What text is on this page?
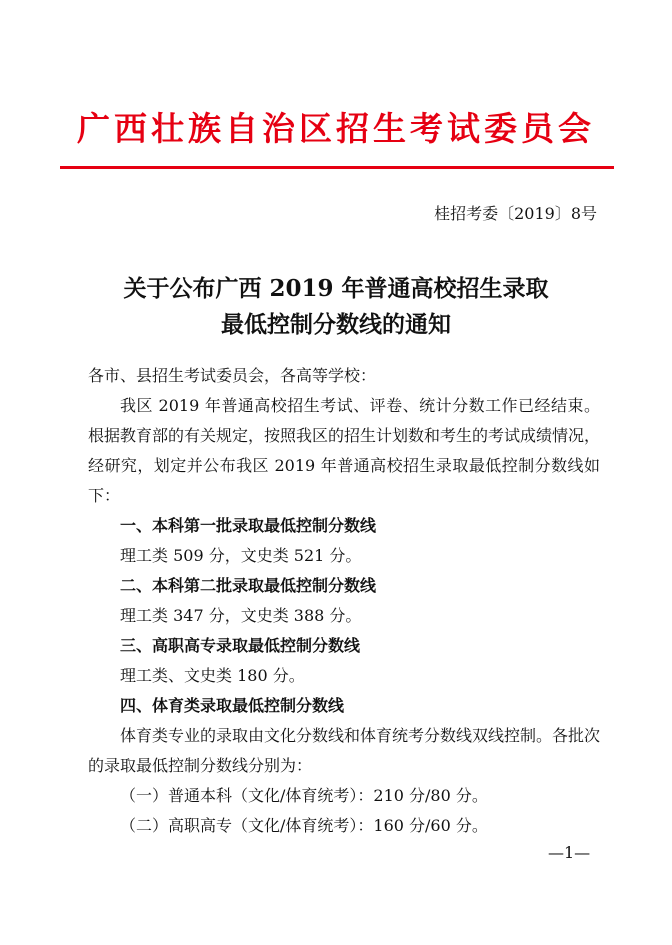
广西壮族自治区招生考试委员会
桂招考委〔2019〕8号
关于公布广西 2019 年普通高校招生录取
最低控制分数线的通知

各市、县招生考试委员会，各高等学校：

我区 2019 年普通高校招生考试、评卷、统计分数工作已经结束。根据教育部的有关规定，按照我区的招生计划数和考生的考试成绩情况，经研究，划定并公布我区 2019 年普通高校招生录取最低控制分数线如下：

一、本科第一批录取最低控制分数线

理工类 509 分，文史类 521 分。

二、本科第二批录取最低控制分数线

理工类 347 分，文史类 388 分。

三、高职高专录取最低控制分数线

理工类、文史类 180 分。

四、体育类录取最低控制分数线

体育类专业的录取由文化分数线和体育统考分数线双线控制。各批次的录取最低控制分数线分别为：

（一）普通本科（文化/体育统考）：210 分/80 分。

（二）高职高专（文化/体育统考）：160 分/60 分。

—1—
